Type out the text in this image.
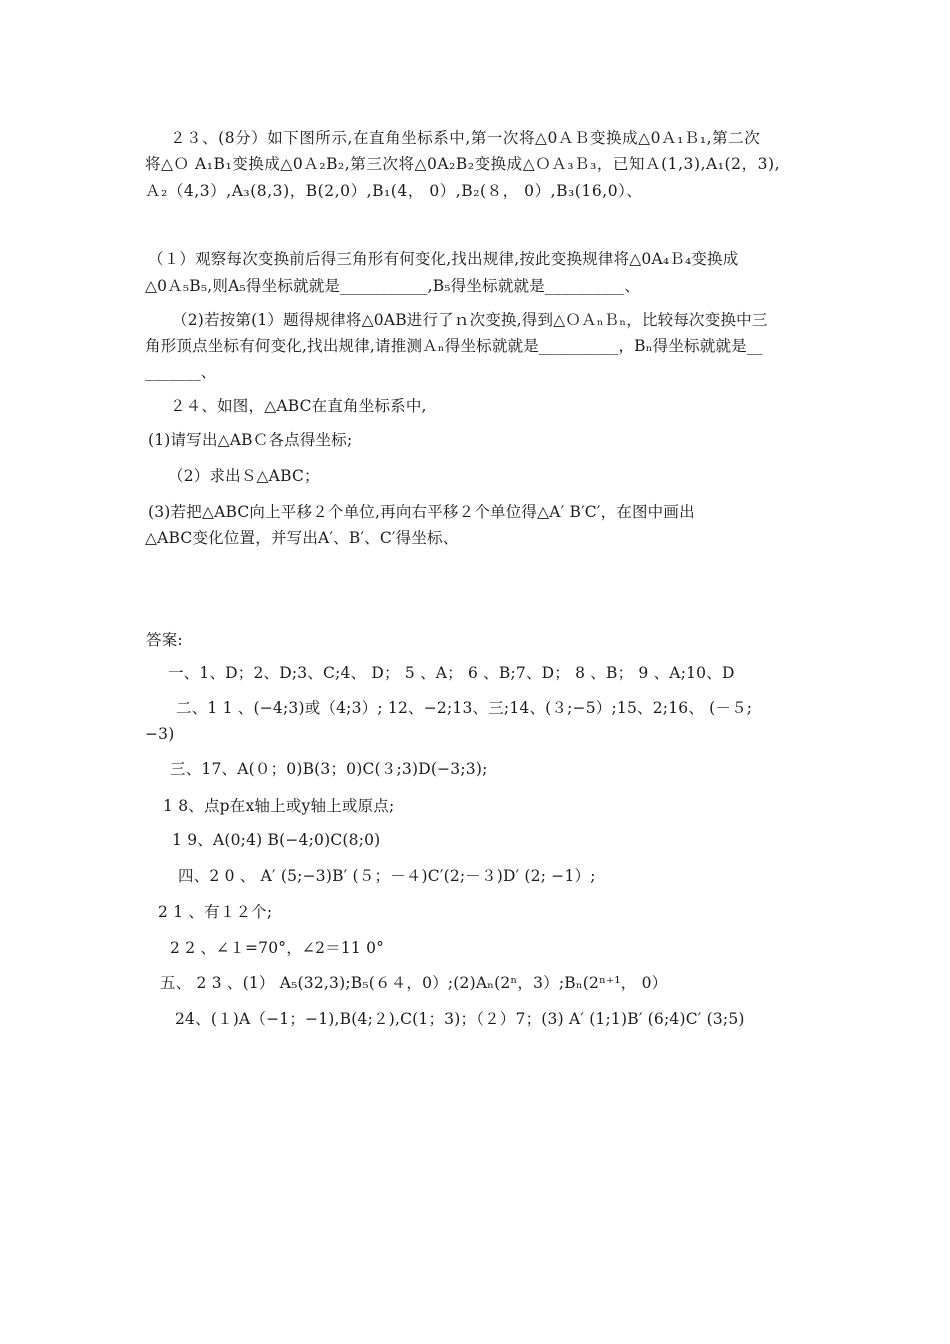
２３、(8分）如下图所示,在直角坐标系中,第一次将△0ＡＢ变换成△0Ａ₁Ｂ₁,第二次
将△Ｏ A₁B₁变换成△0Ａ₂B₂,第三次将△0A₂B₂变换成△ＯＡ₃Ｂ₃，已知Ａ(1,3),A₁(2，3),
Ａ₂（4,3）,A₃(8,3)，B(2,0）,B₁(4， 0）,B₂(８， 0）,B₃(16,0）、
（１）观察每次变换前后得三角形有何变化,找出规律,按此变换规律将△0A₄Ｂ₄变换成
△0Ａ₅B₅,则A₅得坐标就就是___________,B₅得坐标就就是__________、
（2)若按第(1）题得规律将△0AB进行了ｎ次变换,得到△ＯＡₙＢₙ，比较每次变换中三
角形顶点坐标有何变化,找出规律,请推测Ａₙ得坐标就就是__________，Bₙ得坐标就就是__
_______、
２４、如图，△ABC在直角坐标系中,
(1)请写出△ABＣ各点得坐标;
（2）求出Ｓ△ABC；
(3)若把△ABC向上平移２个单位,再向右平移２个单位得△A′ B′C′，在图中画出
△ABC变化位置，并写出A′、B′、C′得坐标、
答案:
一、1、D；2、D;3、C;4、 D； 5 、A； 6 、B;7、D； 8 、B； 9 、A;10、D
二、1 1 、(−4;3)或（4;3）; 12、−2;13、三;14、(３;−5）;15、2;16、 (－５;
−3)
三、17、A(０；0)B(3；0)C(３;3)D(−3;3);
1 8、点p在x轴上或y轴上或原点;
1 9、A(0;4) B(−4;0)C(8;0)
四、2 0 、 A′ (5;−3)B′ (５；－４)C′(2;－３)D′ (2; −1）;
2 1 、有１２个;
2 2 、∠１=70°，∠2＝11 0°
五、 2 3 、(1） A₅(32,3);B₅(６４，0）;(2)Aₙ(2ⁿ，3）;Bₙ(2ⁿ⁺¹， 0）
24、(１)A（−1；−1),B(4;２),C(1；3)；（２）7；(3) A′ (1;1)B′ (6;4)C′ (3;5)
